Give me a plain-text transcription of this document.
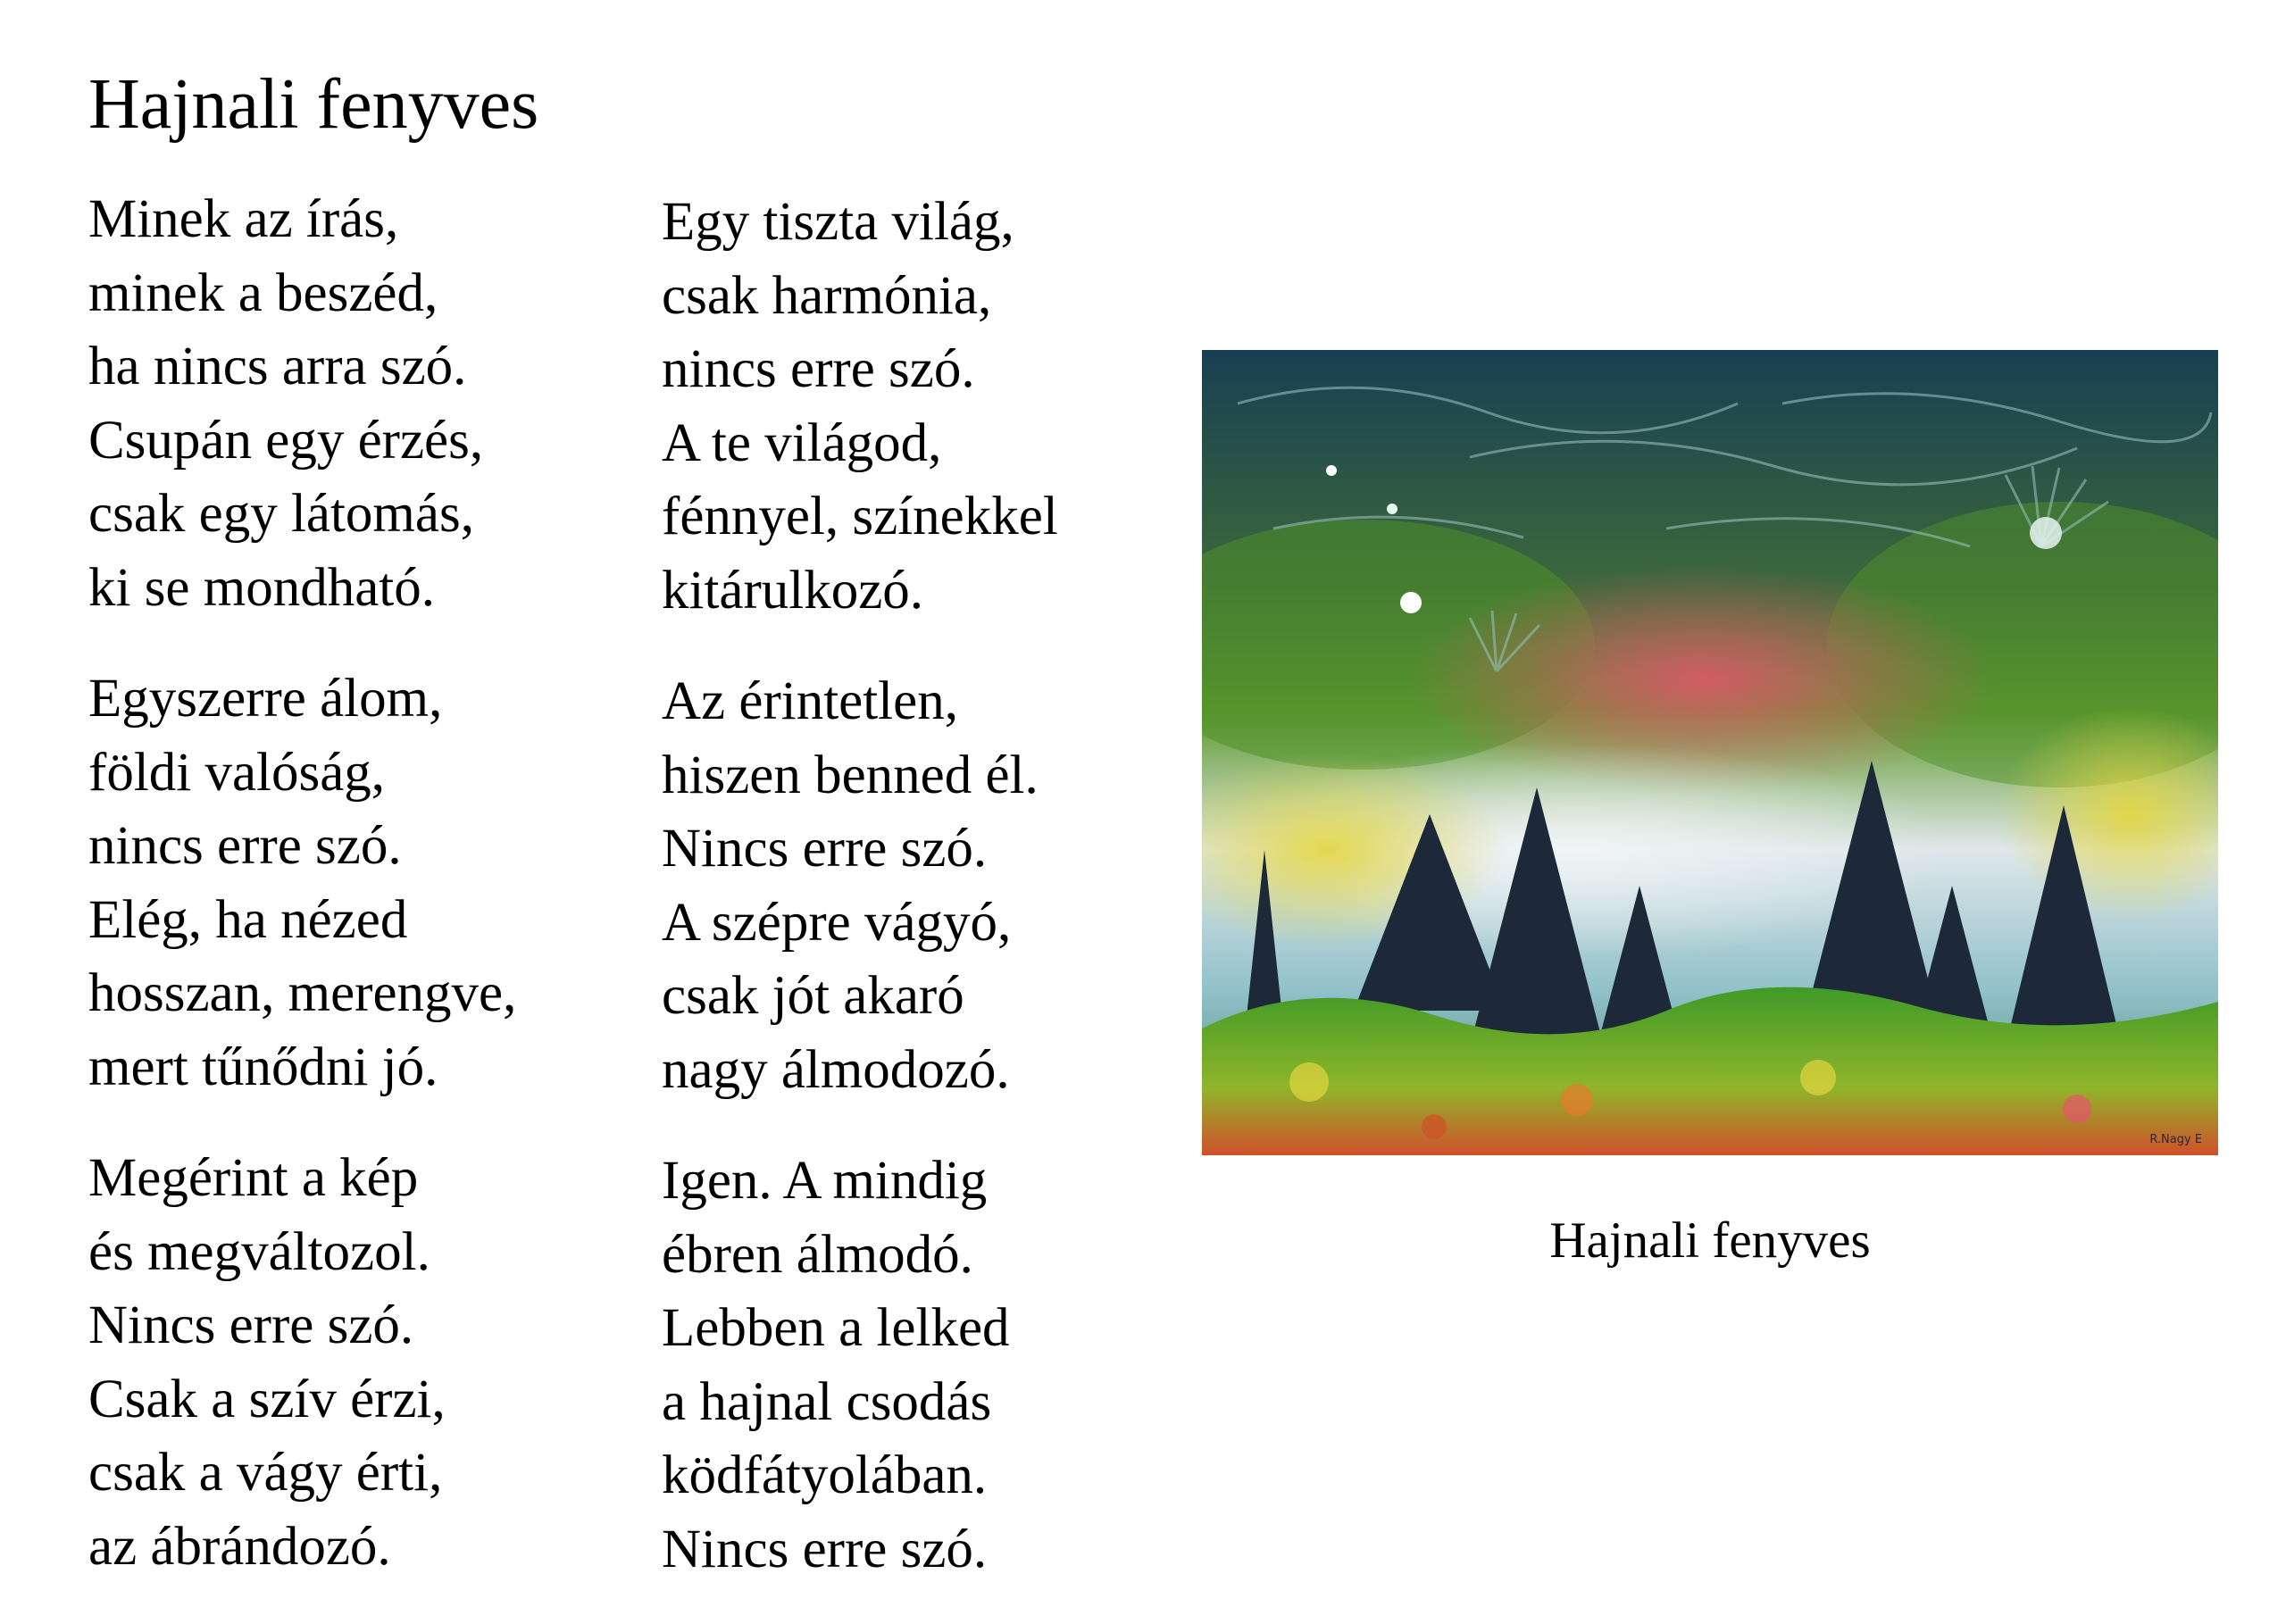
Hajnali fenyves
Minek az írás,
minek a beszéd,
ha nincs arra szó.
Csupán egy érzés,
csak egy látomás,
ki se mondható.
Egyszerre álom,
földi valóság,
nincs erre szó.
Elég, ha nézed
hosszan, merengve,
mert tűnődni jó.
Megérint a kép
és megváltozol.
Nincs erre szó.
Csak a szív érzi,
csak a vágy érti,
az ábrándozó.
Egy tiszta világ,
csak harmónia,
nincs erre szó.
A te világod,
fénnyel, színekkel
kitárulkozó.
Az érintetlen,
hiszen benned él.
Nincs erre szó.
A szépre vágyó,
csak jót akaró
nagy álmodozó.
Igen. A mindig
ébren álmodó.
Lebben a lelked
a hajnal csodás
ködfátyolában.
Nincs erre szó.
R.Nagy E
Hajnali fenyves
